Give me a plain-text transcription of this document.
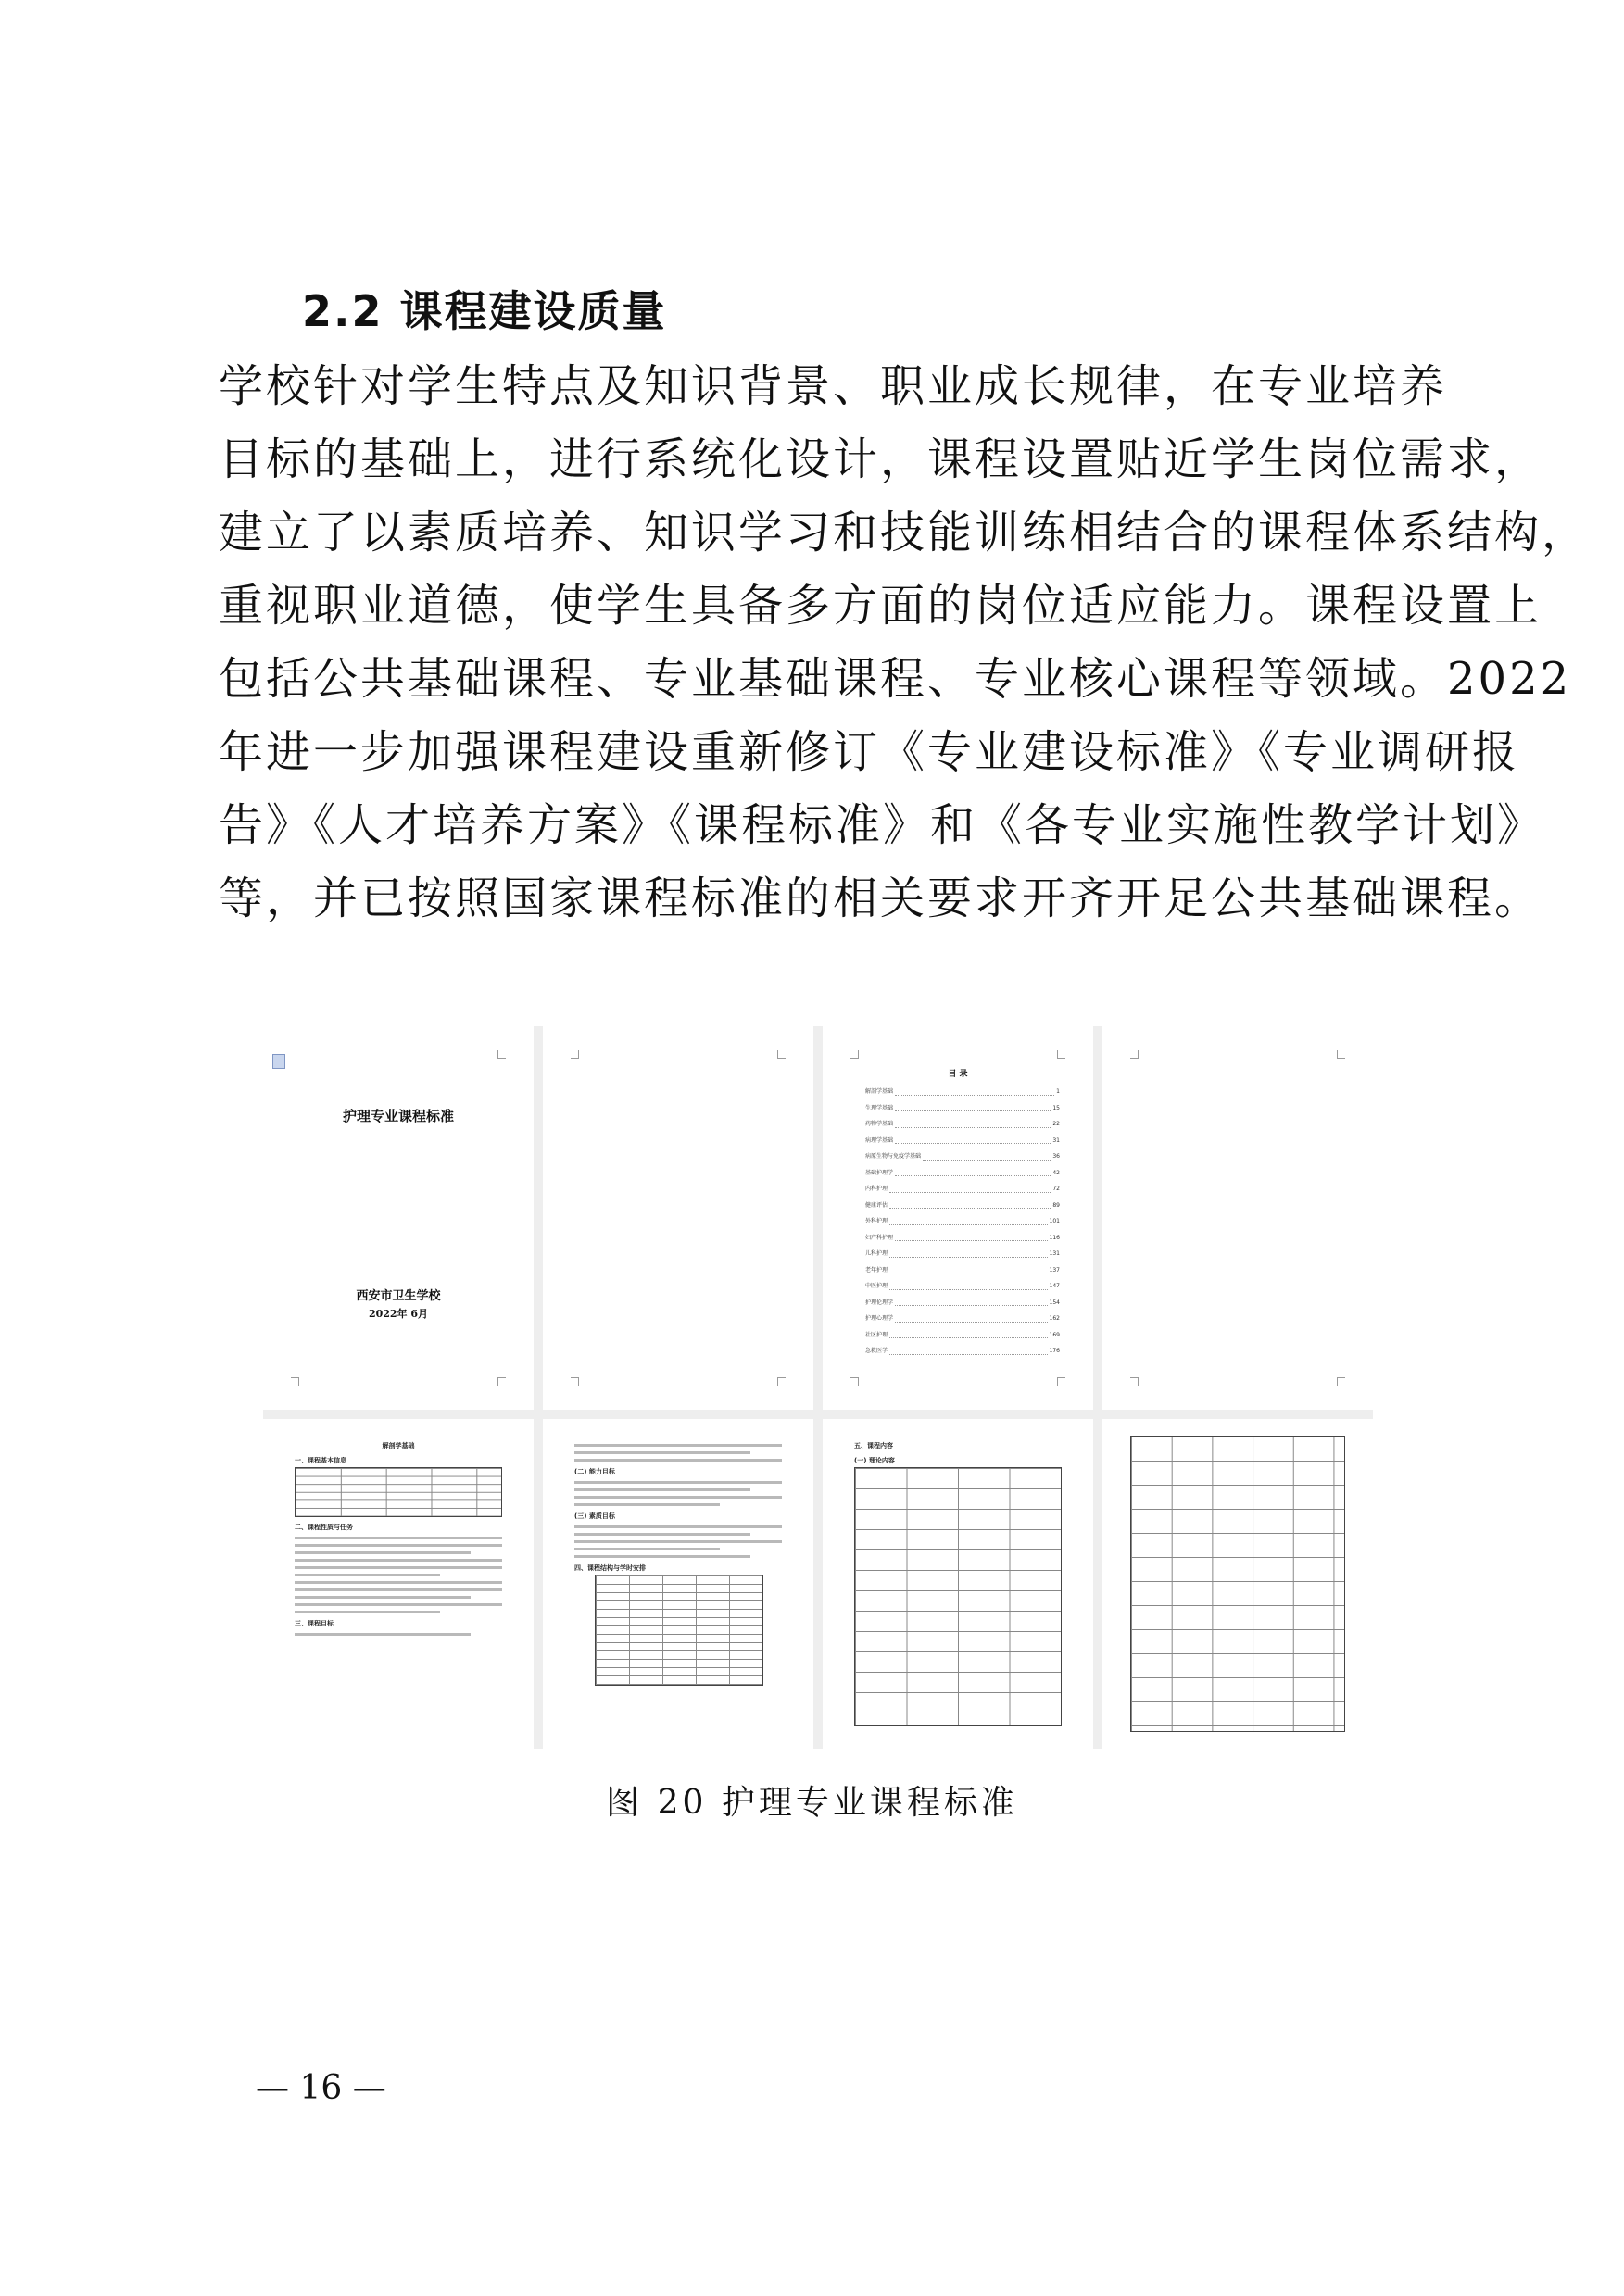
2.2 课程建设质量
学校针对学生特点及知识背景、职业成长规律，在专业培养
目标的基础上，进行系统化设计，课程设置贴近学生岗位需求，
建立了以素质培养、知识学习和技能训练相结合的课程体系结构，
重视职业道德，使学生具备多方面的岗位适应能力。课程设置上
包括公共基础课程、专业基础课程、专业核心课程等领域。2022
年进一步加强课程建设重新修订《专业建设标准》《专业调研报
告》《人才培养方案》《课程标准》和《各专业实施性教学计划》
等，并已按照国家课程标准的相关要求开齐开足公共基础课程。
护理专业课程标准
西安市卫生学校
2022年 6月
目 录
解剖学基础	1
生理学基础	15
药物学基础	22
病理学基础	31
病原生物与免疫学基础	36
基础护理学	42
内科护理	72
健康评估	89
外科护理	101
妇产科护理	116
儿科护理	131
老年护理	137
中医护理	147
护理伦理学	154
护理心理学	162
社区护理	169
急救医学	176
解剖学基础
一、课程基本信息
二、课程性质与任务
三、课程目标
(二) 能力目标
(三) 素质目标
四、课程结构与学时安排
五、课程内容
(一) 理论内容

图 20 护理专业课程标准

— 16 —
